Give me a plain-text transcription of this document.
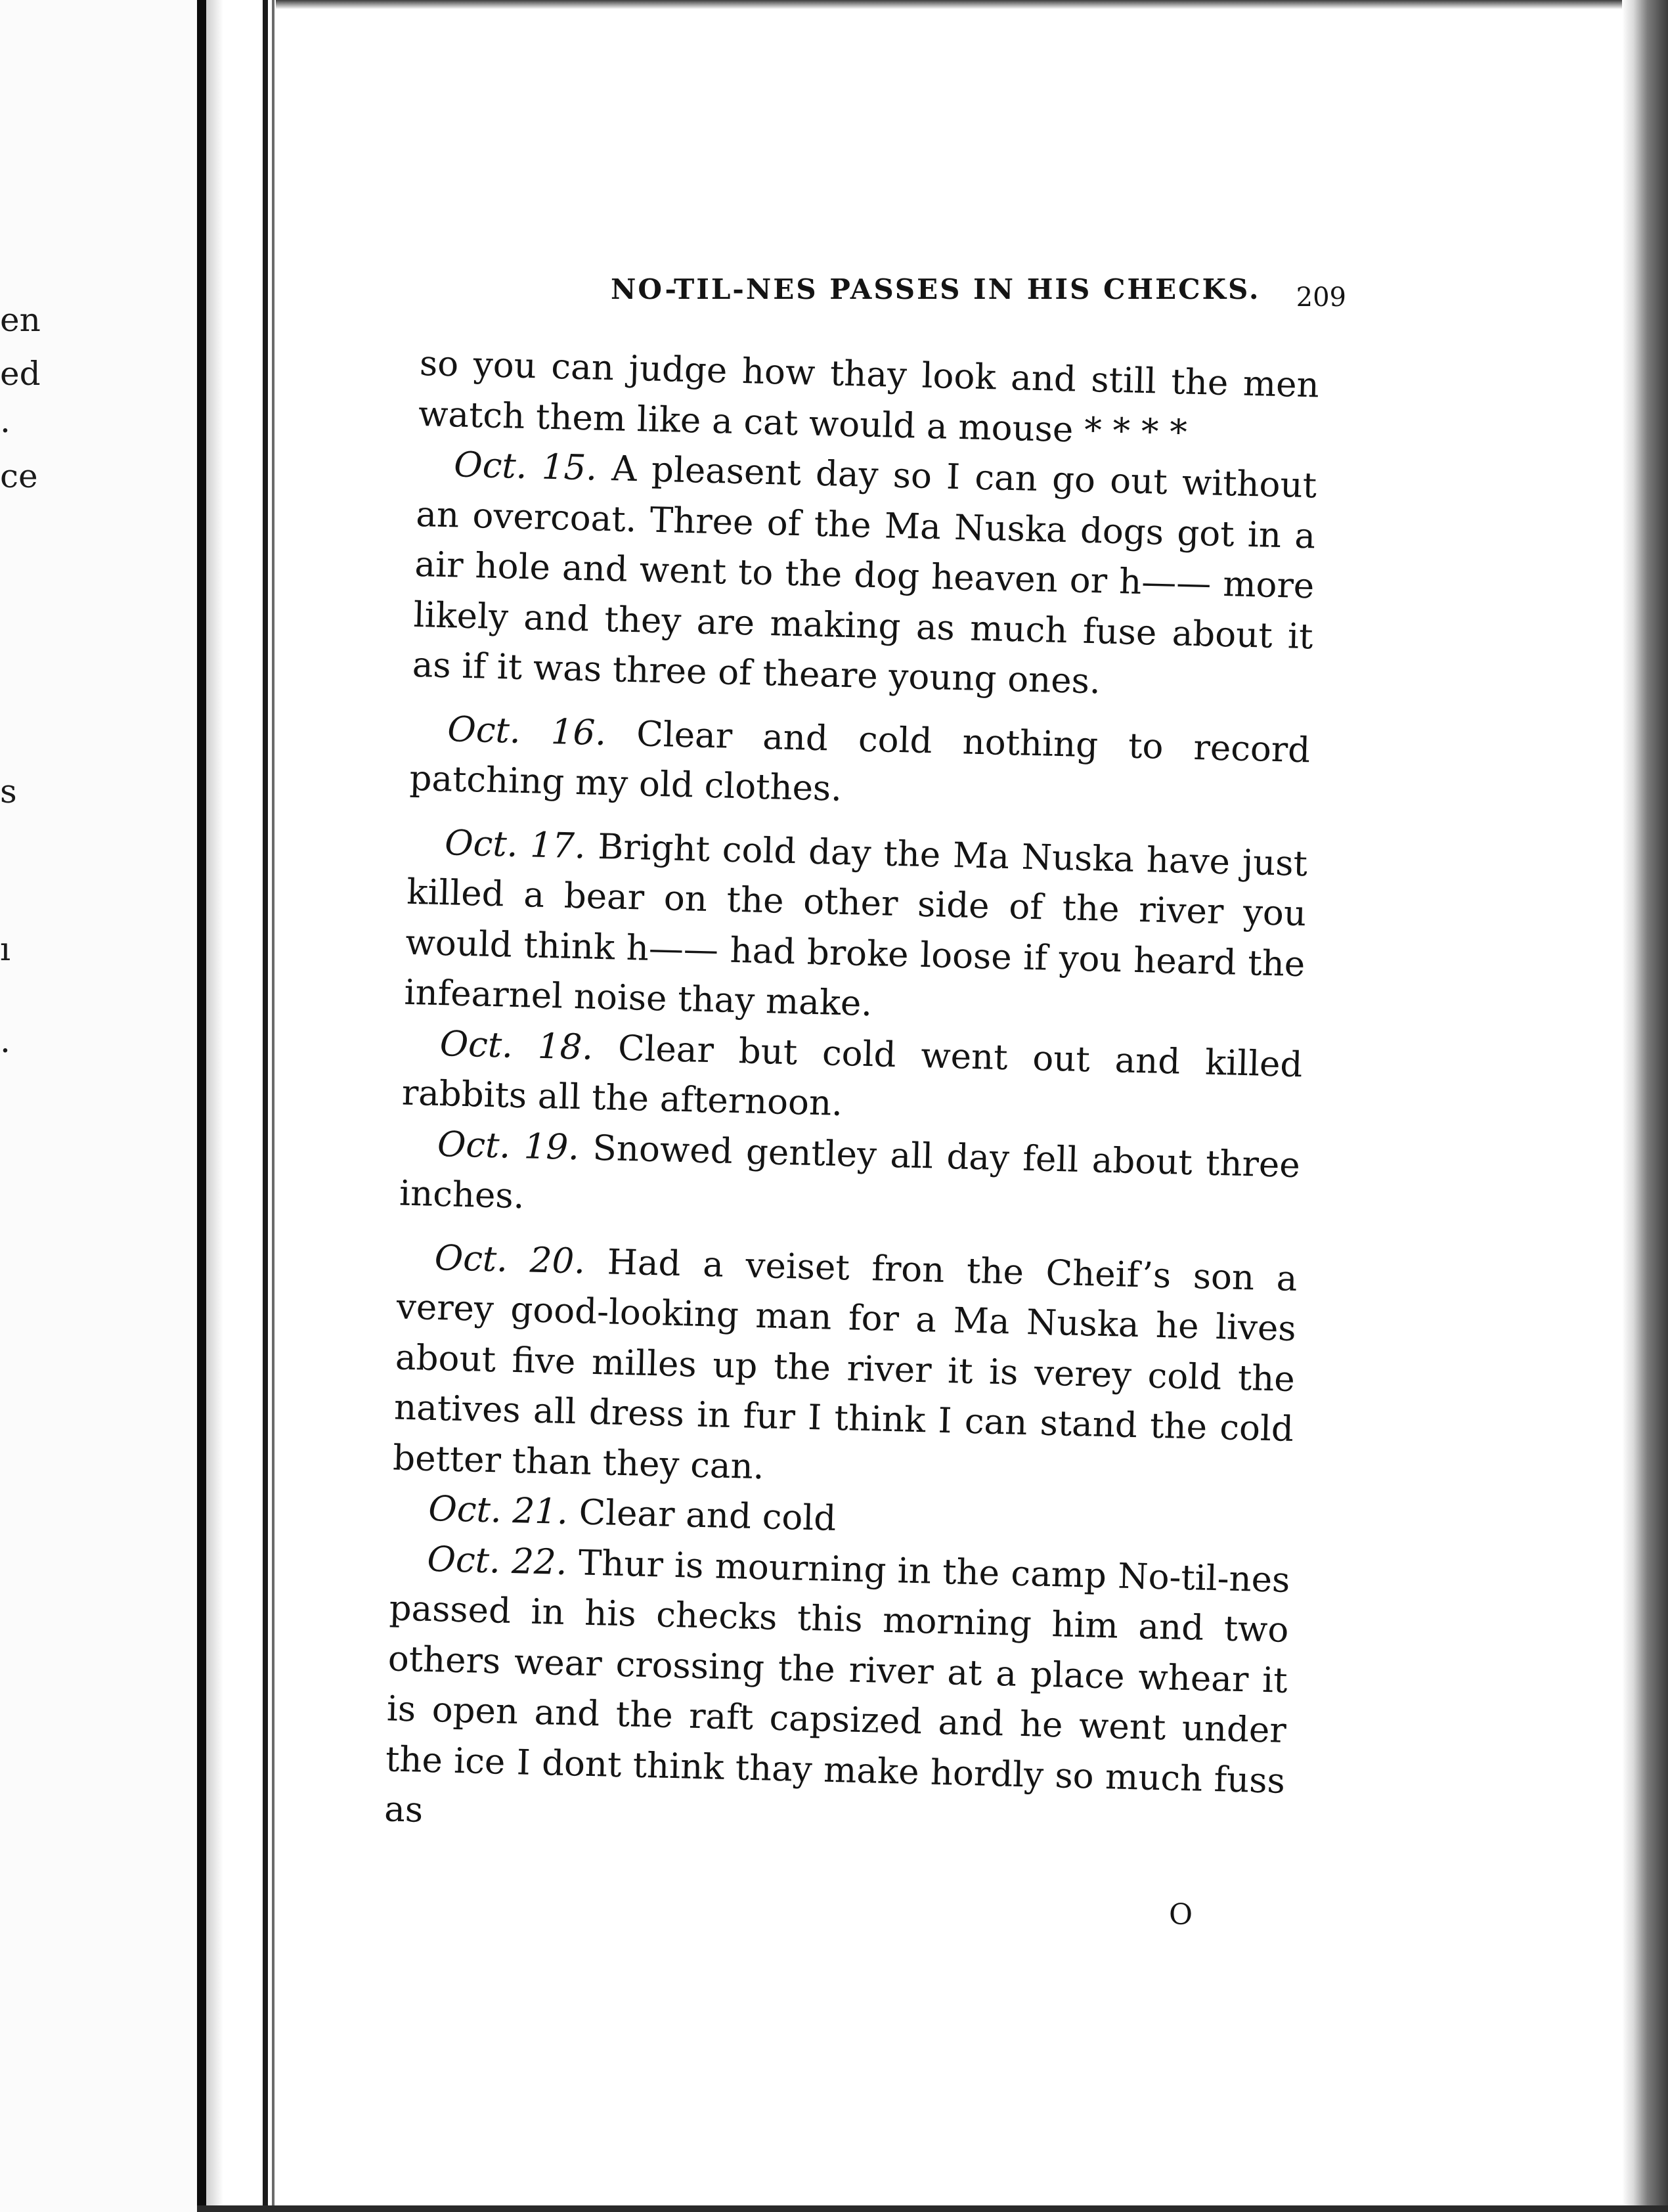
en
ed
.
ce
s
ı
.
NO-TIL-NES PASSES IN HIS CHECKS. 209

so you can judge how thay look and still the men watch them like a cat would a mouse * * * *

Oct. 15. A pleasent day so I can go out without an overcoat. Three of the Ma Nuska dogs got in a air hole and went to the dog heaven or h—— more likely and they are making as much fuse about it as if it was three of theare young ones.

Oct. 16. Clear and cold nothing to record patching my old clothes.

Oct. 17. Bright cold day the Ma Nuska have just killed a bear on the other side of the river you would think h—— had broke loose if you heard the infearnel noise thay make.

Oct. 18. Clear but cold went out and killed rabbits all the afternoon.

Oct. 19. Snowed gentley all day fell about three inches.

Oct. 20. Had a veiset fron the Cheif’s son a verey good-looking man for a Ma Nuska he lives about five milles up the river it is verey cold the natives all dress in fur I think I can stand the cold better than they can.

Oct. 21. Clear and cold

Oct. 22. Thur is mourning in the camp No-til-nes passed in his checks this morning him and two others wear crossing the river at a place whear it is open and the raft capsized and he went under the ice I dont think thay make hordly so much fuss as

O
